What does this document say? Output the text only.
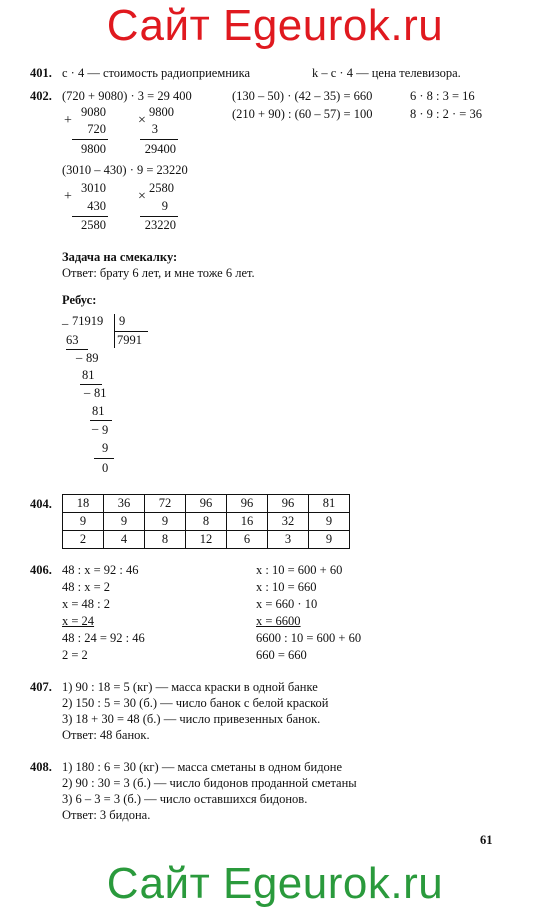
Сайт Egeurok.ru
Сайт Egeurok.ru
401. с · 4 — стоимость радиоприемника	k – с · 4 — цена телевизора.
402. (720 + 9080) · 3 = 29 400	(130 – 50) · (42 – 35) = 660	6 · 8 : 3 = 16
(210 + 90) : (60 – 57) = 100	8 · 9 : 2 · = 36
+
9080
720
9800
×
9800
3
29400
(3010 – 430) · 9 = 23220
+
3010
430
2580
×
2580
9
23220
Задача на смекалку:
Ответ: брату 6 лет, и мне тоже 6 лет.
Ребус:
_ 71919 9
7991
63
_ 89
81
_ 81
81
_ 9
9
0
404. 18	36	72	96	96	96	81
9	9	9	8	16	32	9
2	4	8	12	6	3	9
406. 48 : х = 92 : 46
48 : х = 2
х = 48 : 2
х = 24
48 : 24 = 92 : 46
2 = 2
х : 10 = 600 + 60
х : 10 = 660
х = 660 · 10
х = 6600
6600 : 10 = 600 + 60
660 = 660
407. 1) 90 : 18 = 5 (кг) — масса краски в одной банке
2) 150 : 5 = 30 (б.) — число банок с белой краской
3) 18 + 30 = 48 (б.) — число привезенных банок.
Ответ: 48 банок.
408. 1) 180 : 6 = 30 (кг) — масса сметаны в одном бидоне
2) 90 : 30 = 3 (б.) — число бидонов проданной сметаны
3) 6 – 3 = 3 (б.) — число оставшихся бидонов.
Ответ: 3 бидона.
61
